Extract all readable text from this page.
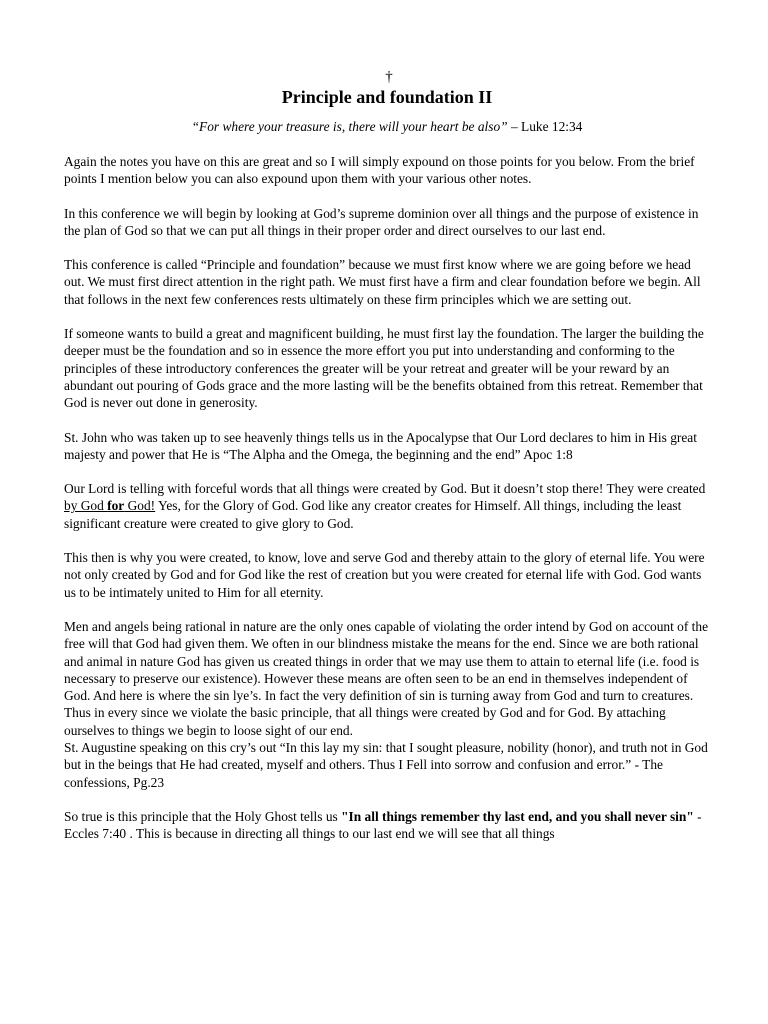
†
Principle and foundation II
“For where your treasure is, there will your heart be also” – Luke 12:34

Again the notes you have on this are great and so I will simply expound on those points for you below. From the brief points I mention below you can also expound upon them with your various other notes.

In this conference we will begin by looking at God’s supreme dominion over all things and the purpose of existence in the plan of God so that we can put all things in their proper order and direct ourselves to our last end.

This conference is called “Principle and foundation” because we must first know where we are going before we head out. We must first direct attention in the right path. We must first have a firm and clear foundation before we begin. All that follows in the next few conferences rests ultimately on these firm principles which we are setting out.

If someone wants to build a great and magnificent building, he must first lay the foundation. The larger the building the deeper must be the foundation and so in essence the more effort you put into understanding and conforming to the principles of these introductory conferences the greater will be your retreat and greater will be your reward by an abundant out pouring of Gods grace and the more lasting will be the benefits obtained from this retreat. Remember that God is never out done in generosity.

St. John who was taken up to see heavenly things tells us in the Apocalypse that Our Lord declares to him in His great majesty and power that He is “The Alpha and the Omega, the beginning and the end” Apoc 1:8

Our Lord is telling with forceful words that all things were created by God. But it doesn’t stop there! They were created by God for God! Yes, for the Glory of God. God like any creator creates for Himself. All things, including the least significant creature were created to give glory to God.

This then is why you were created, to know, love and serve God and thereby attain to the glory of eternal life. You were not only created by God and for God like the rest of creation but you were created for eternal life with God. God wants us to be intimately united to Him for all eternity.

Men and angels being rational in nature are the only ones capable of violating the order intend by God on account of the free will that God had given them. We often in our blindness mistake the means for the end. Since we are both rational and animal in nature God has given us created things in order that we may use them to attain to eternal life (i.e. food is necessary to preserve our existence). However these means are often seen to be an end in themselves independent of God. And here is where the sin lye’s. In fact the very definition of sin is turning away from God and turn to creatures. Thus in every since we violate the basic principle, that all things were created by God and for God. By attaching ourselves to things we begin to loose sight of our end.

St. Augustine speaking on this cry’s out “In this lay my sin: that I sought pleasure, nobility (honor), and truth not in God but in the beings that He had created, myself and others. Thus I Fell into sorrow and confusion and error.” - The confessions, Pg.23

So true is this principle that the Holy Ghost tells us "In all things remember thy last end, and you shall never sin" - Eccles 7:40 . This is because in directing all things to our last end we will see that all things
